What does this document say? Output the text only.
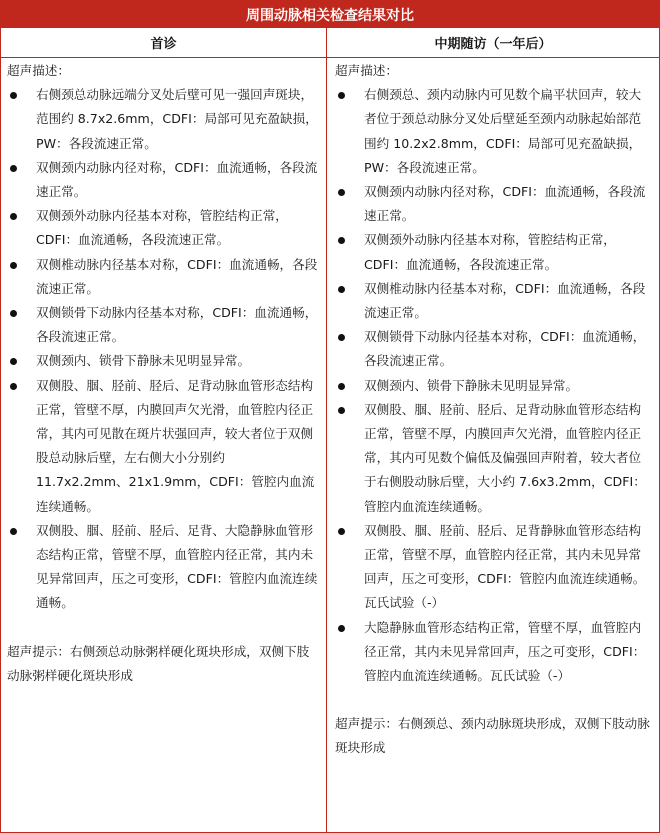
周围动脉相关检查结果对比
首诊	中期随访（一年后）

超声描述：

右侧颈总动脉远端分叉处后壁可见一强回声斑块，范围约 8.7x2.6mm，CDFI：局部可见充盈缺损，PW：各段流速正常。
双侧颈内动脉内径对称，CDFI：血流通畅，各段流速正常。
双侧颈外动脉内径基本对称，管腔结构正常，CDFI：血流通畅，各段流速正常。
双侧椎动脉内径基本对称，CDFI：血流通畅，各段流速正常。
双侧锁骨下动脉内径基本对称，CDFI：血流通畅，各段流速正常。
双侧颈内、锁骨下静脉未见明显异常。
双侧股、腘、胫前、胫后、足背动脉血管形态结构正常，管壁不厚，内膜回声欠光滑，血管腔内径正常，其内可见散在斑片状强回声，较大者位于双侧股总动脉后壁，左右侧大小分别约 11.7x2.2mm、21x1.9mm，CDFI：管腔内血流连续通畅。
双侧股、腘、胫前、胫后、足背、大隐静脉血管形态结构正常，管壁不厚，血管腔内径正常，其内未见异常回声，压之可变形，CDFI：管腔内血流连续通畅。

超声提示：右侧颈总动脉粥样硬化斑块形成，双侧下肢动脉粥样硬化斑块形成

超声描述：

右侧颈总、颈内动脉内可见数个扁平状回声，较大者位于颈总动脉分叉处后壁延至颈内动脉起始部范围约 10.2x2.8mm，CDFI：局部可见充盈缺损，PW：各段流速正常。
双侧颈内动脉内径对称，CDFI：血流通畅，各段流速正常。
双侧颈外动脉内径基本对称，管腔结构正常，CDFI：血流通畅，各段流速正常。
双侧椎动脉内径基本对称，CDFI：血流通畅，各段流速正常。
双侧锁骨下动脉内径基本对称，CDFI：血流通畅，各段流速正常。
双侧颈内、锁骨下静脉未见明显异常。
双侧股、腘、胫前、胫后、足背动脉血管形态结构正常，管壁不厚，内膜回声欠光滑，血管腔内径正常，其内可见数个偏低及偏强回声附着，较大者位于右侧股动脉后壁，大小约 7.6x3.2mm，CDFI：管腔内血流连续通畅。
双侧股、腘、胫前、胫后、足背静脉血管形态结构正常，管壁不厚，血管腔内径正常，其内未见异常回声，压之可变形，CDFI：管腔内血流连续通畅。瓦氏试验（-）
大隐静脉血管形态结构正常，管壁不厚，血管腔内径正常，其内未见异常回声，压之可变形，CDFI：管腔内血流连续通畅。瓦氏试验（-）

超声提示：右侧颈总、颈内动脉斑块形成，双侧下肢动脉斑块形成
